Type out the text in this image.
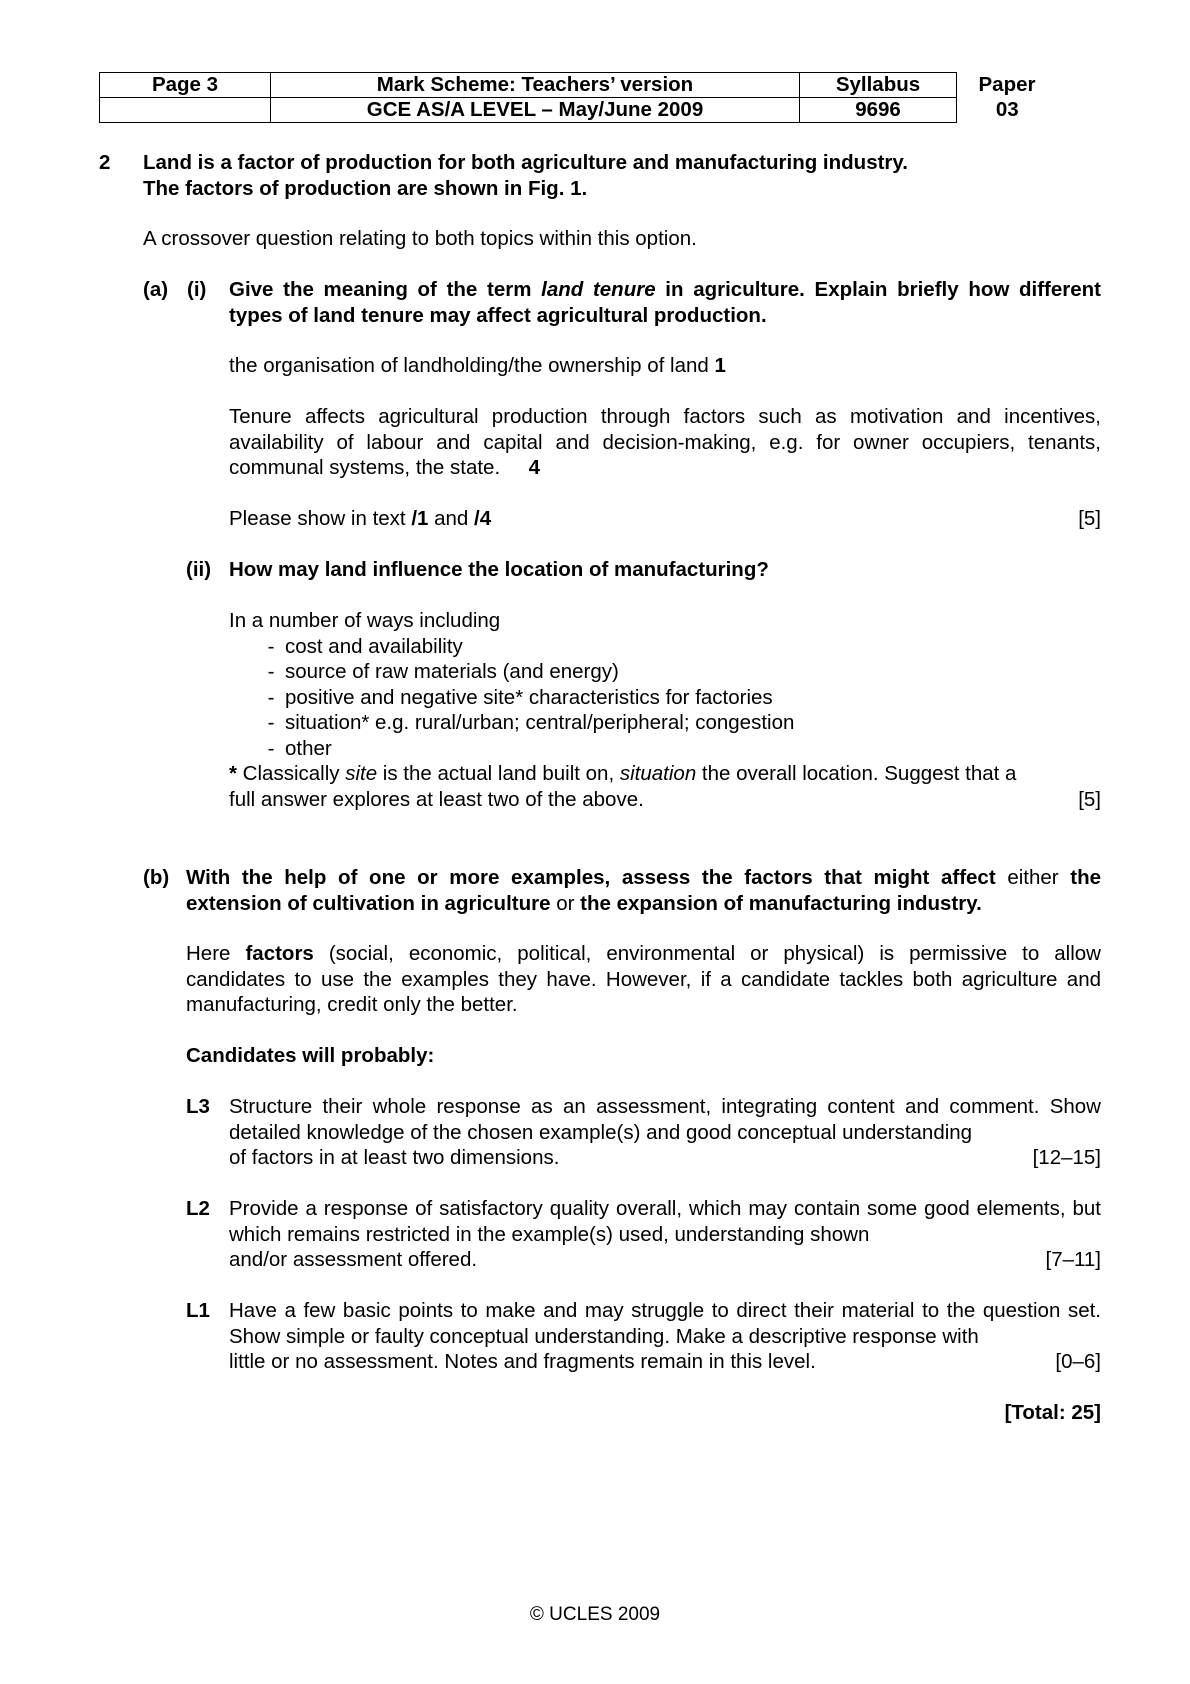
Page 3	Mark Scheme: Teachers’ version	Syllabus	Paper
	GCE AS/A LEVEL – May/June 2009	9696	03
2 Land is a factor of production for both agriculture and manufacturing industry.
The factors of production are shown in Fig. 1.
A crossover question relating to both topics within this option.
(a) (i) Give the meaning of the term land tenure in agriculture. Explain briefly how different types of land tenure may affect agricultural production.
the organisation of landholding/the ownership of land 1
Tenure affects agricultural production through factors such as motivation and incentives, availability of labour and capital and decision-making, e.g. for owner occupiers, tenants, communal systems, the state. 4
Please show in text /1 and /4	[5]
(ii) How may land influence the location of manufacturing?
In a number of ways including
- cost and availability
- source of raw materials (and energy)
- positive and negative site* characteristics for factories
- situation* e.g. rural/urban; central/peripheral; congestion
- other
* Classically site is the actual land built on, situation the overall location. Suggest that a
full answer explores at least two of the above.	[5]
(b) With the help of one or more examples, assess the factors that might affect either the extension of cultivation in agriculture or the expansion of manufacturing industry.
Here factors (social, economic, political, environmental or physical) is permissive to allow candidates to use the examples they have. However, if a candidate tackles both agriculture and manufacturing, credit only the better.
Candidates will probably:
L3 Structure their whole response as an assessment, integrating content and comment. Show detailed knowledge of the chosen example(s) and good conceptual understanding
of factors in at least two dimensions.	[12–15]
L2 Provide a response of satisfactory quality overall, which may contain some good elements, but which remains restricted in the example(s) used, understanding shown
and/or assessment offered.	[7–11]
L1 Have a few basic points to make and may struggle to direct their material to the question set. Show simple or faulty conceptual understanding. Make a descriptive response with
little or no assessment. Notes and fragments remain in this level.	[0–6]
[Total: 25]
© UCLES 2009
